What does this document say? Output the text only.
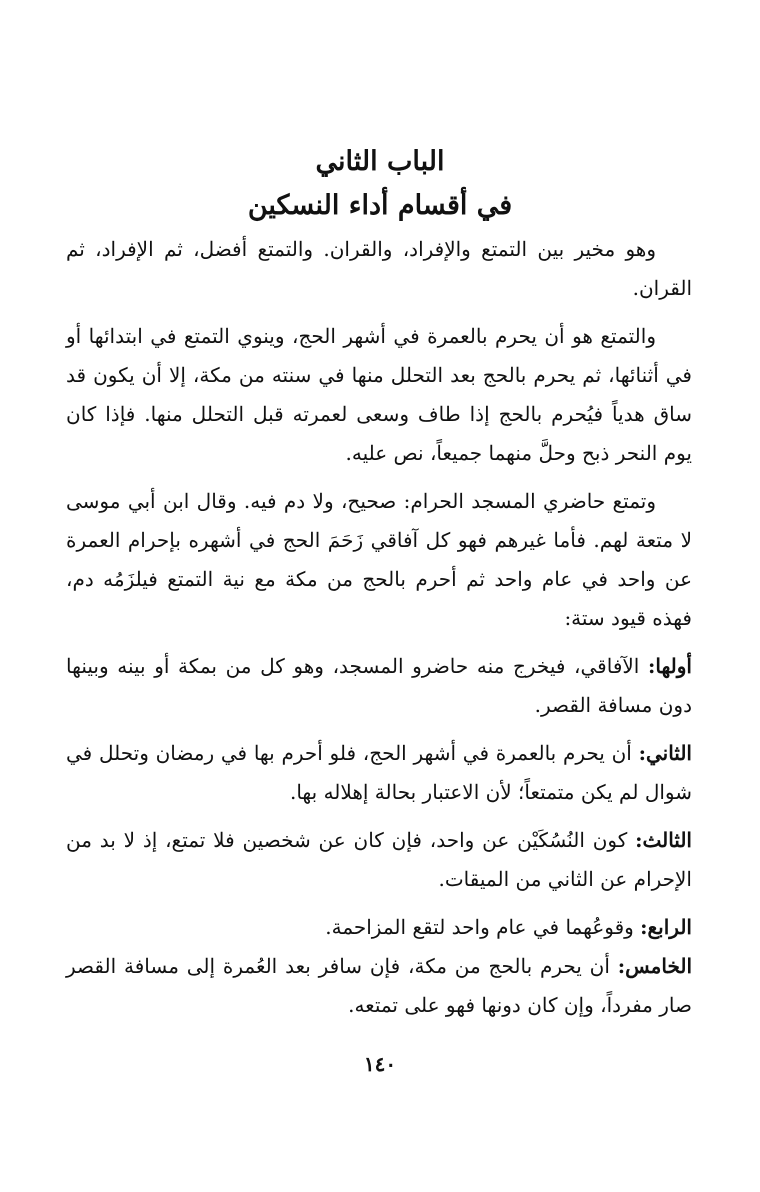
الباب الثاني

في أقسام أداء النسكين

وهو مخير بين التمتع والإفراد، والقران. والتمتع أفضل، ثم الإفراد، ثم القران.

والتمتع هو أن يحرم بالعمرة في أشهر الحج، وينوي التمتع في ابتدائها أو في أثنائها، ثم يحرم بالحج بعد التحلل منها في سنته من مكة، إلا أن يكون قد ساق هدياً فيُحرم بالحج إذا طاف وسعى لعمرته قبل التحلل منها. فإذا كان يوم النحر ذبح وحلَّ منهما جميعاً، نص عليه.

وتمتع حاضري المسجد الحرام: صحيح، ولا دم فيه. وقال ابن أبي موسى لا متعة لهم. فأما غيرهم فهو كل آفاقي زَحَمَ الحج في أشهره بإحرام العمرة عن واحد في عام واحد ثم أحرم بالحج من مكة مع نية التمتع فيلزَمُه دم، فهذه قيود ستة:

أولها: الآفاقي، فيخرج منه حاضرو المسجد، وهو كل من بمكة أو بينه وبينها دون مسافة القصر.

الثاني: أن يحرم بالعمرة في أشهر الحج، فلو أحرم بها في رمضان وتحلل في شوال لم يكن متمتعاً؛ لأن الاعتبار بحالة إهلاله بها.

الثالث: كون النُسُكَيْن عن واحد، فإن كان عن شخصين فلا تمتع، إذ لا بد من الإحرام عن الثاني من الميقات.

الرابع: وقوعُهما في عام واحد لتقع المزاحمة.

الخامس: أن يحرم بالحج من مكة، فإن سافر بعد العُمرة إلى مسافة القصر صار مفرداً، وإن كان دونها فهو على تمتعه.

١٤٠
